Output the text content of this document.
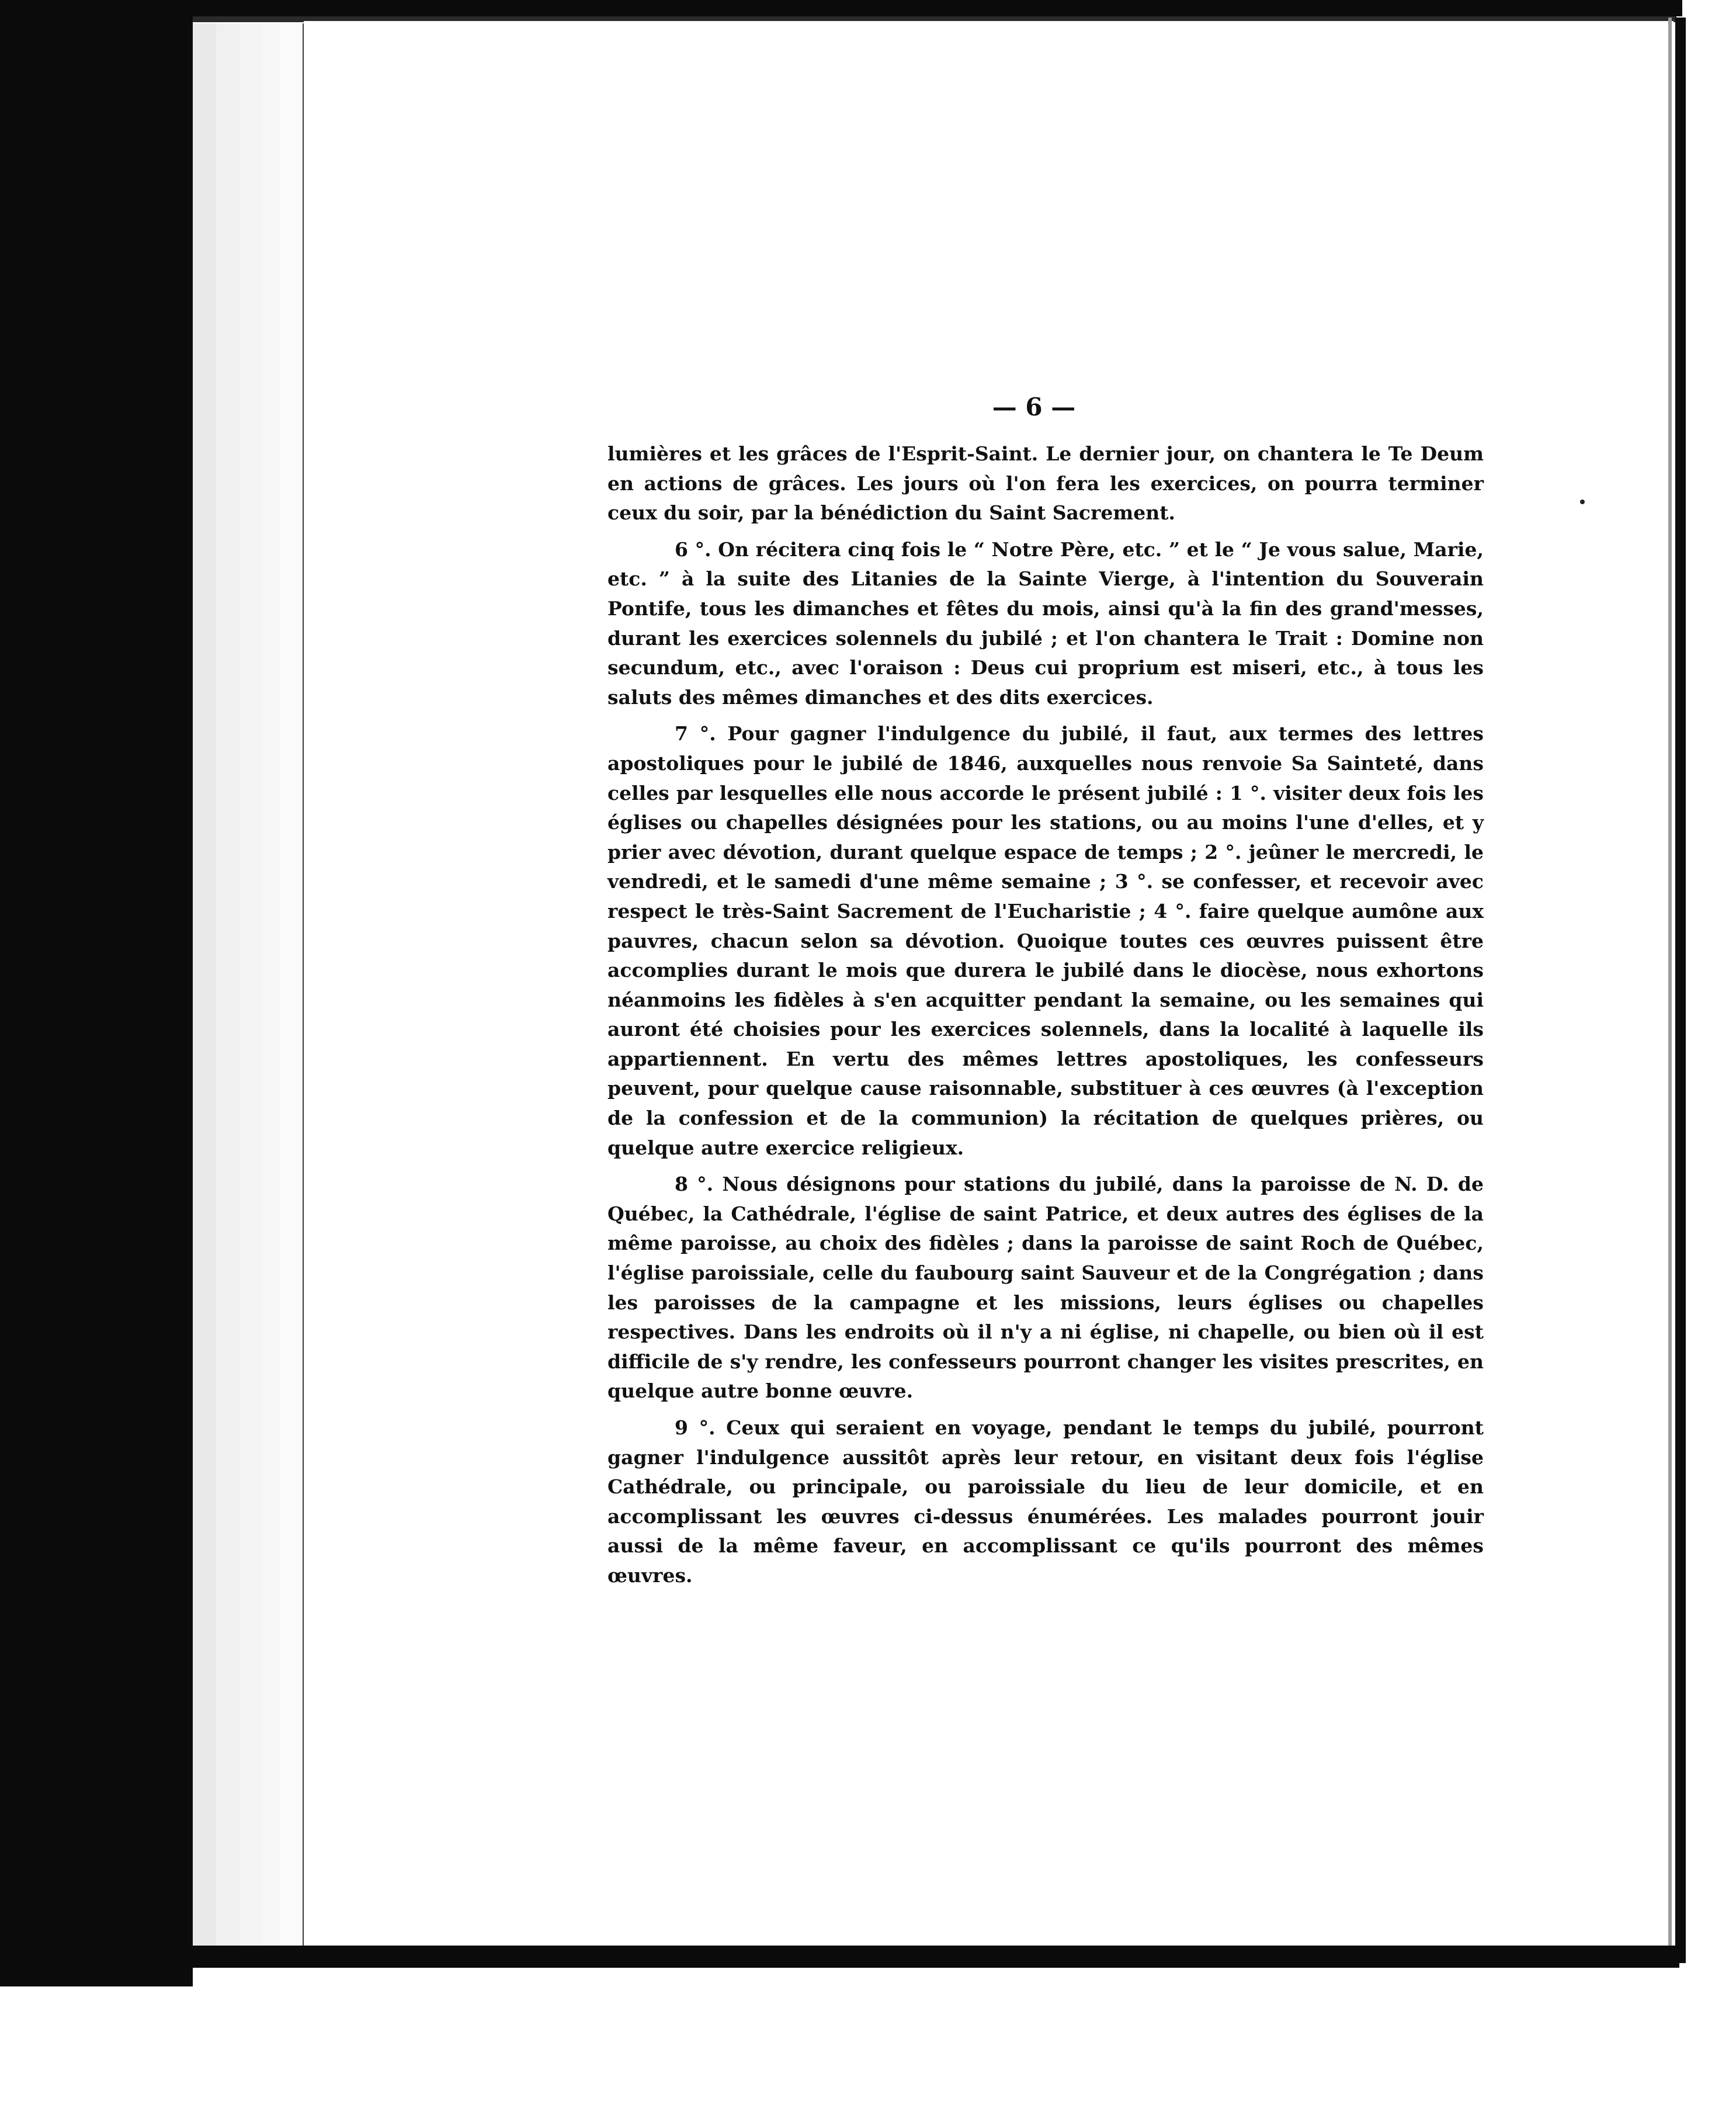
— 6 —

lumières et les grâces de l'Esprit-Saint. Le dernier jour, on chantera le Te Deum en actions de grâces. Les jours où l'on fera les exercices, on pourra terminer ceux du soir, par la bénédiction du Saint Sacrement.

6 °. On récitera cinq fois le “ Notre Père, etc. ” et le “ Je vous salue, Marie, etc. ” à la suite des Litanies de la Sainte Vierge, à l'intention du Souverain Pontife, tous les dimanches et fêtes du mois, ainsi qu'à la fin des grand'messes, durant les exercices solennels du jubilé ; et l'on chantera le Trait : Domine non secundum, etc., avec l'oraison : Deus cui proprium est miseri, etc., à tous les saluts des mêmes dimanches et des dits exercices.

7 °. Pour gagner l'indulgence du jubilé, il faut, aux termes des lettres apostoliques pour le jubilé de 1846, auxquelles nous renvoie Sa Sainteté, dans celles par lesquelles elle nous accorde le présent jubilé : 1 °. visiter deux fois les églises ou chapelles désignées pour les stations, ou au moins l'une d'elles, et y prier avec dévotion, durant quelque espace de temps ; 2 °. jeûner le mercredi, le vendredi, et le samedi d'une même semaine ; 3 °. se confesser, et recevoir avec respect le très-Saint Sacrement de l'Eucharistie ; 4 °. faire quelque aumône aux pauvres, chacun selon sa dévotion. Quoique toutes ces œuvres puissent être accomplies durant le mois que durera le jubilé dans le diocèse, nous exhortons néanmoins les fidèles à s'en acquitter pendant la semaine, ou les semaines qui auront été choisies pour les exercices solennels, dans la localité à laquelle ils appartiennent. En vertu des mêmes lettres apostoliques, les confesseurs peuvent, pour quelque cause raisonnable, substituer à ces œuvres (à l'exception de la confession et de la communion) la récitation de quelques prières, ou quelque autre exercice religieux.

8 °. Nous désignons pour stations du jubilé, dans la paroisse de N. D. de Québec, la Cathédrale, l'église de saint Patrice, et deux autres des églises de la même paroisse, au choix des fidèles ; dans la paroisse de saint Roch de Québec, l'église paroissiale, celle du faubourg saint Sauveur et de la Congrégation ; dans les paroisses de la campagne et les missions, leurs églises ou chapelles respectives. Dans les endroits où il n'y a ni église, ni chapelle, ou bien où il est difficile de s'y rendre, les confesseurs pourront changer les visites prescrites, en quelque autre bonne œuvre.

9 °. Ceux qui seraient en voyage, pendant le temps du jubilé, pourront gagner l'indulgence aussitôt après leur retour, en visitant deux fois l'église Cathédrale, ou principale, ou paroissiale du lieu de leur domicile, et en accomplissant les œuvres ci-dessus énumérées. Les malades pourront jouir aussi de la même faveur, en accomplissant ce qu'ils pourront des mêmes œuvres.
